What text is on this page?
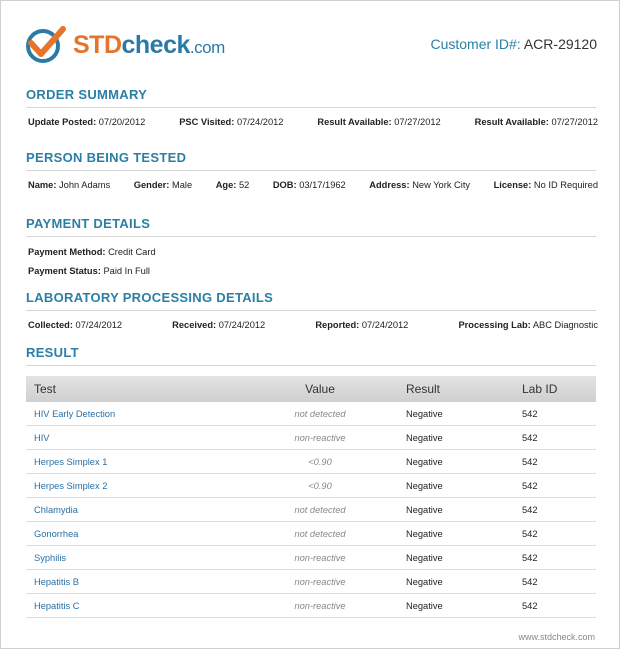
STDcheck.com	Customer ID#: ACR-29120
ORDER SUMMARY
Update Posted: 07/20/2012	PSC Visited: 07/24/2012	Result Available: 07/27/2012	Result Available: 07/27/2012
PERSON BEING TESTED
Name: John Adams	Gender: Male	Age: 52	DOB: 03/17/1962	Address: New York City	License: No ID Required
PAYMENT DETAILS
Payment Method: Credit Card
Payment Status: Paid In Full
LABORATORY PROCESSING DETAILS
Collected: 07/24/2012	Received: 07/24/2012	Reported: 07/24/2012	Processing Lab: ABC Diagnostic
RESULT
Test	Value	Result	Lab ID
HIV Early Detection	not detected	Negative	542
HIV	non-reactive	Negative	542
Herpes Simplex 1	<0.90	Negative	542
Herpes Simplex 2	<0.90	Negative	542
Chlamydia	not detected	Negative	542
Gonorrhea	not detected	Negative	542
Syphilis	non-reactive	Negative	542
Hepatitis B	non-reactive	Negative	542
Hepatitis C	non-reactive	Negative	542
www.stdcheck.com
